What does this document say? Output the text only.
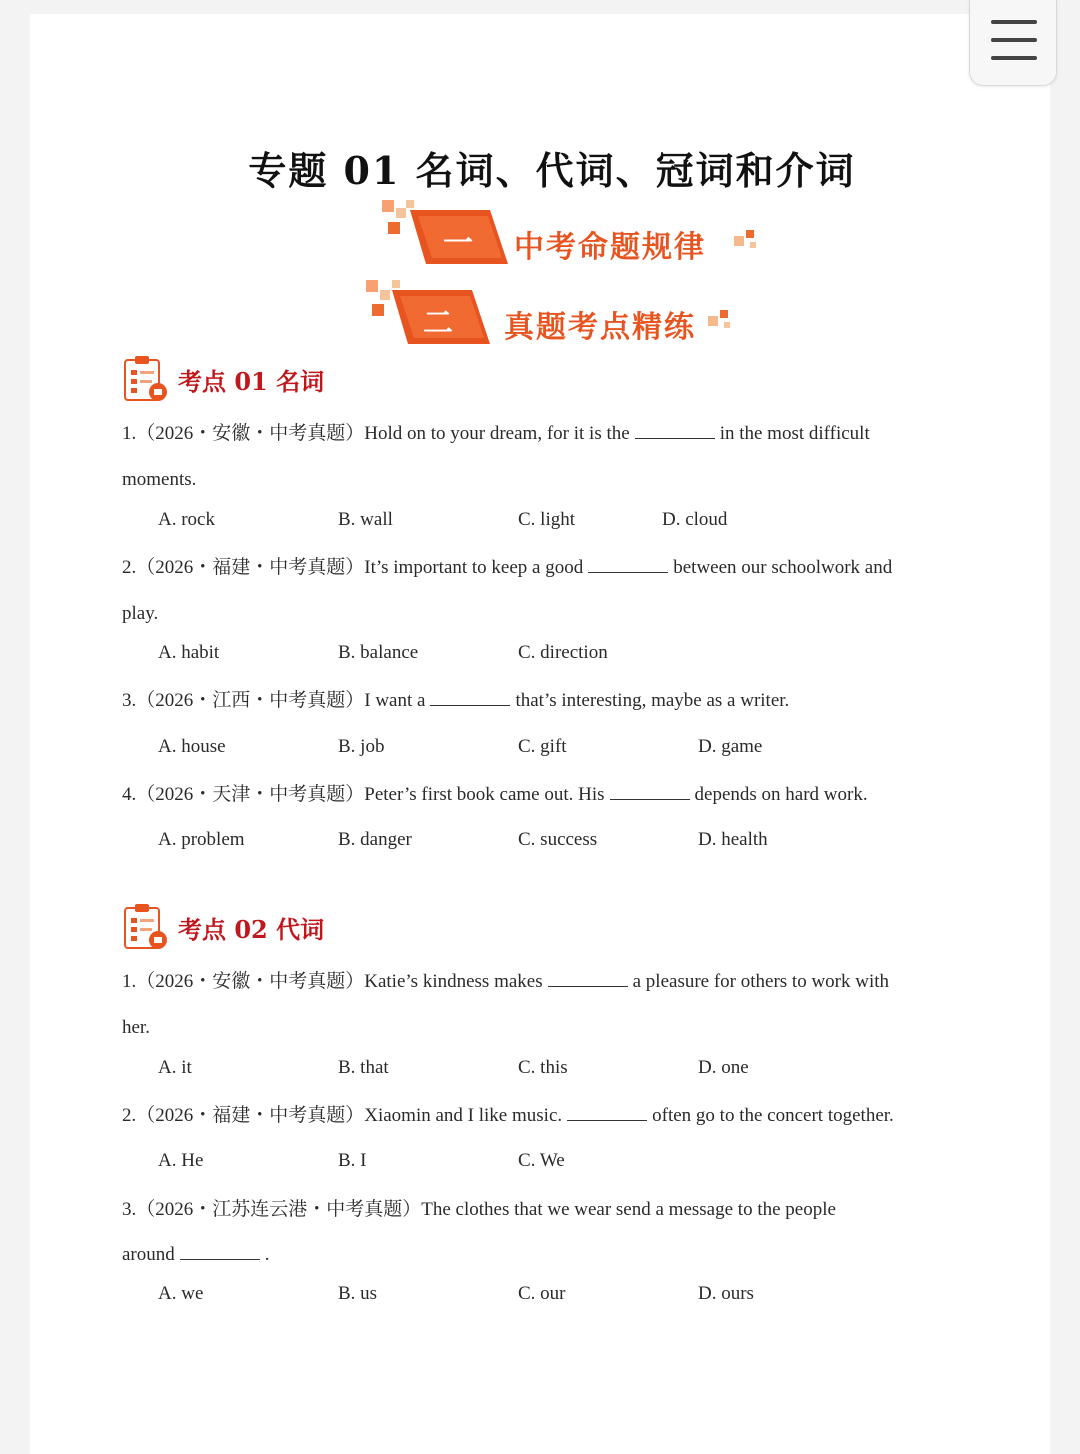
专题 01 名词、代词、冠词和介词
一	中考命题规律
二	真题考点精练
考点 01 名词
1.（2026・安徽・中考真题）Hold on to your dream, for it is the	in the most difficult
moments.
A. rock	B. wall	C. light	D. cloud
2.（2026・福建・中考真题）It’s important to keep a good	between our schoolwork and
play.
A. habit	B. balance	C. direction
3.（2026・江西・中考真题）I want a	that’s interesting, maybe as a writer.
A. house	B. job	C. gift	D. game
4.（2026・天津・中考真题）Peter’s first book came out. His	depends on hard work.
A. problem	B. danger	C. success	D. health
考点 02 代词
1.（2026・安徽・中考真题）Katie’s kindness makes	a pleasure for others to work with
her.
A. it	B. that	C. this	D. one
2.（2026・福建・中考真题）Xiaomin and I like music.	often go to the concert together.
A. He	B. I	C. We
3.（2026・江苏连云港・中考真题）The clothes that we wear send a message to the people
around	.
A. we	B. us	C. our	D. ours
